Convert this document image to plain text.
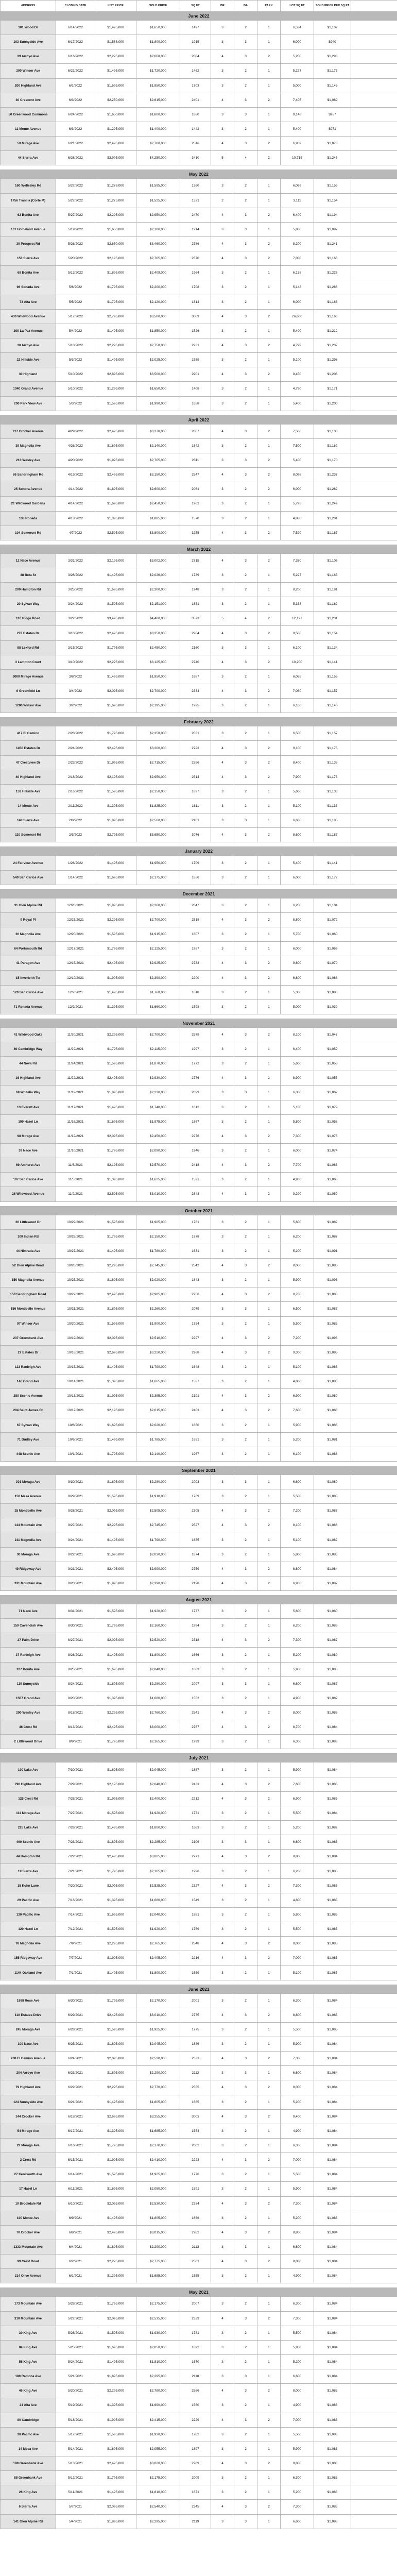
ADDRESS	CLOSING DATE	LIST PRICE	SOLD PRICE	SQ FT	BR	BA	PARK	LOT SQ FT	SOLD PRICE PER SQ FT	
June 2022										
101 Wood Dr	6/14/2022	$1,495,000	$1,650,000	1497	3	2	1	6,534	$1,102	
103 Sunnyside Ave	6/17/2022	$1,588,000	$1,800,000	1915	3	3	1	6,000	$940	
39 Arroyo Ave	6/16/2022	$2,295,000	$2,668,000	2064	4	3	2	5,200	$1,293	
200 Winsor Ave	6/21/2022	$1,495,000	$1,720,000	1462	3	2	1	5,227	$1,176	
200 Highland Ave	6/1/2022	$1,695,000	$1,950,000	1703	3	2	1	5,000	$1,145	
30 Crescent Ave	6/3/2022	$2,250,000	$2,615,000	2401	4	3	2	7,405	$1,089	
50 Greenwood Commons	6/24/2022	$1,650,000	$1,800,000	1880	3	3	1	9,148	$957	
11 Monte Avenue	6/3/2022	$1,295,000	$1,400,000	1442	3	2	1	5,400	$971	
50 Mirage Ave	6/21/2022	$2,495,000	$2,700,000	2516	4	3	2	6,969	$1,073	
44 Sierra Ave	6/28/2022	$3,995,000	$4,250,000	3410	5	4	2	10,715	$1,246	

May 2022										
160 Wellesley Rd	5/27/2022	$1,276,000	$1,595,000	1380	3	2	1	6,099	$1,155	
1756 Tranilla (Corte M)	5/27/2022	$1,275,000	$1,525,000	1321	2	2	1	3,111	$1,154	
62 Bonita Ave	5/27/2022	$2,295,000	$2,950,000	2470	4	3	2	6,400	$1,194	
107 Homeland Avenue	5/19/2022	$1,650,000	$2,100,000	1914	3	3	1	5,800	$1,097	
30 Prospect Rd	5/26/2022	$2,650,000	$3,460,000	2786	4	3	2	8,200	$1,241	
153 Sierra Ave	5/20/2022	$2,195,000	$2,765,000	2370	4	3	2	7,000	$1,166	
68 Bonita Ave	5/13/2022	$1,895,000	$2,409,000	1964	3	2	1	6,138	$1,226	
96 Sonada Ave	5/6/2022	$1,795,000	$2,200,000	1708	3	2	1	5,148	$1,288	
73 Alta Ave	5/5/2022	$1,795,000	$2,120,000	1814	3	2	1	6,000	$1,168	
430 Wildwood Avenue	5/17/2022	$2,795,000	$3,500,000	3009	4	3	2	26,600	$1,163	
200 La Paz Avenue	5/4/2022	$1,495,000	$1,850,000	1526	3	2	1	5,400	$1,212	
38 Arroyo Ave	5/10/2022	$2,295,000	$2,750,000	2231	4	3	2	4,799	$1,232	
22 Hillside Ave	5/3/2022	$1,495,000	$2,025,000	1559	3	2	1	5,100	$1,298	
30 Highland	5/10/2022	$2,895,000	$3,500,000	2901	4	3	2	8,450	$1,206	
1040 Grand Avenue	5/10/2022	$1,295,000	$1,650,000	1408	3	2	1	4,790	$1,171	
200 Park View Ave	5/3/2022	$1,595,000	$1,990,000	1658	3	2	1	5,400	$1,200	

April 2022										
217 Crocker Avenue	4/29/2022	$2,495,000	$3,270,000	2887	4	3	2	7,500	$1,133	
39 Magnolia Ave	4/26/2022	$1,695,000	$2,140,000	1842	3	2	1	7,500	$1,162	
210 Wesley Ave	4/20/2022	$1,995,000	$2,705,000	2311	3	3	2	5,400	$1,170	
86 Sandringham Rd	4/19/2022	$2,495,000	$3,150,000	2547	4	3	2	8,098	$1,237	
25 Sonora Avenue	4/14/2022	$1,895,000	$2,600,000	2061	3	2	2	6,000	$1,262	
21 Wildwood Gardens	4/14/2022	$1,695,000	$2,450,000	1962	3	2	1	5,793	$1,249	
138 Ronada	4/13/2022	$1,395,000	$1,885,000	1570	3	2	1	4,888	$1,201	
104 Somerset Rd	4/7/2022	$2,595,000	$3,800,000	3255	4	3	2	7,520	$1,167	

March 2022										
12 Nace Avenue	3/31/2022	$2,195,000	$3,002,000	2715	4	3	2	7,380	$1,106	
38 Beta St	3/28/2022	$1,495,000	$2,026,000	1739	3	2	1	5,227	$1,165	
200 Hampton Rd	3/25/2022	$1,695,000	$2,300,000	1948	3	2	1	8,200	$1,181	
20 Sylvan Way	3/24/2022	$1,595,000	$2,151,000	1851	3	2	1	5,338	$1,162	
116 Ridge Road	3/22/2022	$3,495,000	$4,400,000	3573	5	4	2	12,197	$1,231	
272 Estates Dr	3/18/2022	$2,495,000	$3,350,000	2904	4	3	2	9,500	$1,154	
88 Lexford Rd	3/15/2022	$1,795,000	$2,450,000	2160	3	3	1	6,100	$1,134	
3 Lampton Court	3/10/2022	$2,295,000	$3,125,000	2740	4	3	2	10,200	$1,141	
3000 Mirage Avenue	3/8/2022	$1,495,000	$1,950,000	1687	3	2	1	6,088	$1,156	
6 Greenfield Ln	3/4/2022	$2,095,000	$2,700,000	2334	4	3	2	7,080	$1,157	
1200 Winsor Ave	3/2/2022	$1,695,000	$2,195,000	1925	3	2	1	6,100	$1,140	

February 2022										
417 El Camino	2/28/2022	$1,795,000	$2,350,000	2031	3	2	1	6,500	$1,157	
1450 Estates Dr	2/24/2022	$2,495,000	$3,200,000	2723	4	3	2	9,100	$1,175	
47 Crestview Dr	2/23/2022	$1,995,000	$2,715,000	2386	4	3	2	8,400	$1,138	
40 Highland Ave	2/18/2022	$2,195,000	$2,950,000	2514	4	3	2	7,900	$1,173	
152 Hillside Ave	2/16/2022	$1,595,000	$2,150,000	1897	3	2	1	5,600	$1,133	
14 Monte Ave	2/11/2022	$1,395,000	$1,825,000	1611	3	2	1	5,100	$1,133	
148 Sierra Ave	2/8/2022	$1,895,000	$2,560,000	2161	3	3	1	6,600	$1,185	
110 Somerset Rd	2/3/2022	$2,795,000	$3,650,000	3076	4	3	2	8,600	$1,187	

January 2022										
24 Fairview Avenue	1/28/2022	$1,495,000	$1,950,000	1709	3	2	1	5,400	$1,141	
540 San Carlos Ave	1/14/2022	$1,695,000	$2,175,000	1856	3	2	1	6,000	$1,172	

December 2021										
31 Glen Alpine Rd	12/28/2021	$1,895,000	$2,260,000	2047	3	2	1	6,200	$1,104	
9 Royal Pl	12/23/2021	$2,295,000	$2,700,000	2518	4	3	2	8,800	$1,072	
20 Magnolia Ave	12/20/2021	$1,595,000	$1,915,000	1807	3	2	1	5,700	$1,060	
64 Portsmouth Rd	12/17/2021	$1,795,000	$2,125,000	1987	3	2	1	6,000	$1,069	
41 Paragon Ave	12/15/2021	$2,495,000	$2,925,000	2733	4	3	2	9,600	$1,070	
15 Inverleith Ter	12/10/2021	$1,995,000	$2,390,000	2200	4	3	2	6,800	$1,086	
120 San Carlos Ave	12/7/2021	$1,495,000	$1,760,000	1618	3	2	1	5,300	$1,088	
71 Ronada Avenue	12/2/2021	$1,395,000	$1,660,000	1598	3	2	1	5,000	$1,039	

November 2021										
41 Wildwood Oaks	11/30/2021	$2,295,000	$2,700,000	2579	4	3	2	8,100	$1,047	
80 Cambridge Way	11/29/2021	$1,795,000	$2,115,000	1997	3	2	1	6,400	$1,059	
44 Nova Rd	11/24/2021	$1,595,000	$1,870,000	1772	3	2	1	5,600	$1,055	
16 Highland Ave	11/22/2021	$2,495,000	$2,930,000	2776	4	3	2	8,900	$1,055	
69 Whitelia Way	11/19/2021	$1,895,000	$2,230,000	2099	3	3	1	6,300	$1,062	
13 Everett Ave	11/17/2021	$1,495,000	$1,740,000	1612	3	2	1	5,100	$1,079	
199 Hazel Ln	11/16/2021	$1,695,000	$1,975,000	1867	3	2	1	5,800	$1,058	
98 Mirage Ave	11/12/2021	$2,095,000	$2,450,000	2276	4	3	2	7,300	$1,076	
39 Nace Ave	11/10/2021	$1,795,000	$2,090,000	1946	3	2	1	6,000	$1,074	
69 Amherst Ave	11/8/2021	$2,195,000	$2,570,000	2418	4	3	2	7,700	$1,063	
107 San Carlos Ave	11/5/2021	$1,395,000	$1,625,000	1521	3	2	1	4,900	$1,068	
26 Wildwood Avenue	11/2/2021	$2,595,000	$3,010,000	2843	4	3	2	9,200	$1,059	

October 2021										
20 Littlewood Dr	10/29/2021	$1,595,000	$1,905,000	1761	3	2	1	5,600	$1,082	
100 Indian Rd	10/28/2021	$1,795,000	$2,150,000	1978	3	2	1	6,200	$1,087	
44 Nimrada Ave	10/27/2021	$1,495,000	$1,780,000	1631	3	2	1	5,200	$1,091	
52 Glen Alpine Road	10/26/2021	$2,295,000	$2,745,000	2542	4	3	2	8,000	$1,080	
150 Magnolia Avenue	10/25/2021	$1,695,000	$2,020,000	1843	3	2	1	5,900	$1,096	
150 Sandringham Road	10/22/2021	$2,495,000	$2,985,000	2756	4	3	2	8,700	$1,083	
156 Monticello Avenue	10/21/2021	$1,895,000	$2,260,000	2079	3	3	1	6,500	$1,087	
97 Winsor Ave	10/20/2021	$1,595,000	$1,900,000	1754	3	2	1	5,500	$1,083	
237 Greenbank Ave	10/19/2021	$2,095,000	$2,510,000	2297	4	3	2	7,200	$1,093	
27 Estates Dr	10/18/2021	$2,695,000	$3,220,000	2968	4	3	2	9,300	$1,085	
113 Ranleigh Ave	10/15/2021	$1,495,000	$1,790,000	1648	3	2	1	5,100	$1,086	
146 Grand Ave	10/14/2021	$1,395,000	$1,665,000	1537	3	2	1	4,800	$1,083	
280 Scenic Avenue	10/13/2021	$1,995,000	$2,385,000	2191	4	3	2	6,900	$1,089	
204 Saint James Dr	10/12/2021	$2,195,000	$2,615,000	2403	4	3	2	7,600	$1,088	
67 Sylvan Way	10/8/2021	$1,695,000	$2,020,000	1860	3	2	1	5,900	$1,086	
71 Dudley Ave	10/6/2021	$1,495,000	$1,785,000	1651	3	2	1	5,200	$1,081	
448 Scenic Ave	10/1/2021	$1,795,000	$2,140,000	1967	3	2	1	6,100	$1,088	

September 2021										
301 Moraga Ave	9/30/2021	$1,895,000	$2,280,000	2093	3	3	1	6,600	$1,089	
150 Mesa Avenue	9/29/2021	$1,595,000	$1,910,000	1769	3	2	1	5,500	$1,080	
15 Monticello Ave	9/28/2021	$2,095,000	$2,505,000	2305	4	3	2	7,200	$1,087	
144 Mountain Ave	9/27/2021	$2,295,000	$2,745,000	2527	4	3	2	8,100	$1,086	
211 Magnolia Ave	9/24/2021	$1,495,000	$1,790,000	1655	3	2	1	5,100	$1,082	
30 Moraga Ave	9/22/2021	$1,695,000	$2,030,000	1874	3	2	1	5,800	$1,083	
49 Ridgeway Ave	9/21/2021	$2,495,000	$2,990,000	2759	4	3	2	8,800	$1,084	
331 Mountain Ave	9/20/2021	$1,995,000	$2,390,000	2198	4	3	2	6,900	$1,087	

August 2021										
71 Nace Ave	8/31/2021	$1,595,000	$1,920,000	1777	3	2	1	5,600	$1,080	
150 Cavendish Ave	8/30/2021	$1,795,000	$2,160,000	1994	3	2	1	6,200	$1,083	
27 Palm Drive	8/27/2021	$2,095,000	$2,520,000	2318	4	3	2	7,300	$1,087	
37 Ranleigh Ave	8/26/2021	$1,495,000	$1,800,000	1666	3	2	1	5,200	$1,080	
227 Bonita Ave	8/25/2021	$1,695,000	$2,040,000	1883	3	2	1	5,900	$1,083	
119 Sunnyside	8/24/2021	$1,895,000	$2,280,000	2097	3	3	1	6,600	$1,087	
1507 Grand Ave	8/20/2021	$1,395,000	$1,680,000	1552	3	2	1	4,900	$1,082	
200 Wesley Ave	8/18/2021	$2,295,000	$2,760,000	2541	4	3	2	8,000	$1,086	
46 Crest Rd	8/13/2021	$2,495,000	$3,000,000	2767	4	3	2	8,700	$1,084	
2 Littlewood Drive	8/9/2021	$1,795,000	$2,165,000	1999	3	2	1	6,300	$1,083	

July 2021										
100 Lake Ave	7/30/2021	$1,695,000	$2,045,000	1887	3	2	1	5,900	$1,084	
790 Highland Ave	7/29/2021	$2,195,000	$2,640,000	2433	4	3	2	7,600	$1,085	
125 Crest Rd	7/28/2021	$1,995,000	$2,400,000	2212	4	3	2	6,900	$1,085	
111 Moraga Ave	7/27/2021	$1,595,000	$1,920,000	1771	3	2	1	5,500	$1,084	
225 Lake Ave	7/26/2021	$1,495,000	$1,800,000	1663	3	2	1	5,200	$1,082	
460 Scenic Ave	7/23/2021	$1,895,000	$2,285,000	2106	3	3	1	6,600	$1,085	
44 Hampton Rd	7/22/2021	$2,495,000	$3,005,000	2771	4	3	2	8,800	$1,084	
19 Sierra Ave	7/21/2021	$1,795,000	$2,165,000	1996	3	2	1	6,200	$1,085	
15 Kohn Lane	7/20/2021	$2,095,000	$2,525,000	2327	4	3	2	7,300	$1,085	
29 Pacific Ave	7/16/2021	$1,395,000	$1,680,000	1549	3	2	1	4,800	$1,085	
130 Pacific Ave	7/14/2021	$1,695,000	$2,040,000	1881	3	2	1	5,800	$1,085	
120 Hazel Ln	7/12/2021	$1,595,000	$1,920,000	1769	3	2	1	5,500	$1,085	
78 Magnolia Ave	7/9/2021	$2,295,000	$2,765,000	2548	4	3	2	8,000	$1,085	
155 Ridgeway Ave	7/7/2021	$1,995,000	$2,405,000	2216	4	3	2	7,000	$1,085	
1144 Oakland Ave	7/1/2021	$1,495,000	$1,800,000	1659	3	2	1	5,100	$1,085	

June 2021										
1888 Rose Ave	6/30/2021	$1,795,000	$2,170,000	2001	3	2	1	6,300	$1,084	
110 Estates Drive	6/29/2021	$2,495,000	$3,010,000	2775	4	3	2	8,800	$1,085	
245 Moraga Ave	6/28/2021	$1,595,000	$1,925,000	1775	3	2	1	5,500	$1,085	
100 Nace Ave	6/25/2021	$1,695,000	$2,045,000	1886	3	2	1	5,900	$1,084	
208 El Camino Avenue	6/24/2021	$2,095,000	$2,530,000	2333	4	3	2	7,300	$1,084	
204 Arroyo Ave	6/23/2021	$1,895,000	$2,290,000	2112	3	3	1	6,600	$1,084	
79 Highland Ave	6/22/2021	$2,295,000	$2,770,000	2555	4	3	2	8,000	$1,084	
124 Sunnyside Ave	6/21/2021	$1,495,000	$1,805,000	1665	3	2	1	5,200	$1,084	
144 Crocker Ave	6/18/2021	$2,695,000	$3,255,000	3003	4	3	2	9,400	$1,084	
54 Mirage Ave	6/17/2021	$1,395,000	$1,685,000	1554	3	2	1	4,900	$1,084	
22 Moraga Ave	6/16/2021	$1,795,000	$2,170,000	2002	3	2	1	6,300	$1,084	
2 Crest Rd	6/15/2021	$1,995,000	$2,410,000	2223	4	3	2	7,000	$1,084	
27 Kenilworth Ave	6/14/2021	$1,595,000	$1,925,000	1776	3	2	1	5,500	$1,084	
17 Hazel Ln	6/11/2021	$1,695,000	$2,050,000	1891	3	2	1	5,900	$1,084	
10 Brookdale Rd	6/10/2021	$2,095,000	$2,530,000	2334	4	3	2	7,300	$1,084	
100 Monte Ave	6/9/2021	$1,495,000	$1,805,000	1666	3	2	1	5,200	$1,083	
70 Crocker Ave	6/8/2021	$2,495,000	$3,015,000	2782	4	3	2	8,800	$1,084	
1333 Mountain Ave	6/4/2021	$1,895,000	$2,290,000	2113	3	3	1	6,600	$1,084	
99 Crest Road	6/2/2021	$2,295,000	$2,775,000	2561	4	3	2	8,000	$1,084	
214 Olive Avenue	6/1/2021	$1,395,000	$1,685,000	1555	3	2	1	4,900	$1,084	

May 2021										
173 Mountain Ave	5/28/2021	$1,795,000	$2,175,000	2007	3	2	1	6,300	$1,084	
310 Mountain Ave	5/27/2021	$2,095,000	$2,535,000	2339	4	3	2	7,300	$1,084	
30 King Ave	5/26/2021	$1,595,000	$1,930,000	1781	3	2	1	5,500	$1,084	
84 King Ave	5/25/2021	$1,695,000	$2,050,000	1892	3	2	1	5,900	$1,084	
58 King Ave	5/24/2021	$1,495,000	$1,810,000	1670	3	2	1	5,200	$1,084	
180 Ramona Ave	5/21/2021	$1,895,000	$2,295,000	2118	3	3	1	6,600	$1,084	
46 King Ave	5/20/2021	$2,295,000	$2,780,000	2566	4	3	2	8,000	$1,083	
21 Alta Ave	5/19/2021	$1,395,000	$1,690,000	1560	3	2	1	4,900	$1,083	
80 Cambridge	5/18/2021	$1,995,000	$2,415,000	2229	4	3	2	7,000	$1,083	
30 Pacific Ave	5/17/2021	$1,595,000	$1,930,000	1782	3	2	1	5,500	$1,083	
14 Mesa Ave	5/14/2021	$1,695,000	$2,055,000	1897	3	2	1	5,900	$1,083	
108 Greenbank Ave	5/13/2021	$2,495,000	$3,020,000	2789	4	3	2	8,800	$1,083	
88 Greenbank Ave	5/12/2021	$1,795,000	$2,175,000	2009	3	2	1	6,300	$1,083	
26 King Ave	5/11/2021	$1,495,000	$1,810,000	1671	3	2	1	5,200	$1,083	
6 Sierra Ave	5/7/2021	$2,095,000	$2,540,000	2345	4	3	2	7,300	$1,083	
141 Glen Alpine Rd	5/4/2021	$1,895,000	$2,295,000	2119	3	3	1	6,600	$1,083	
